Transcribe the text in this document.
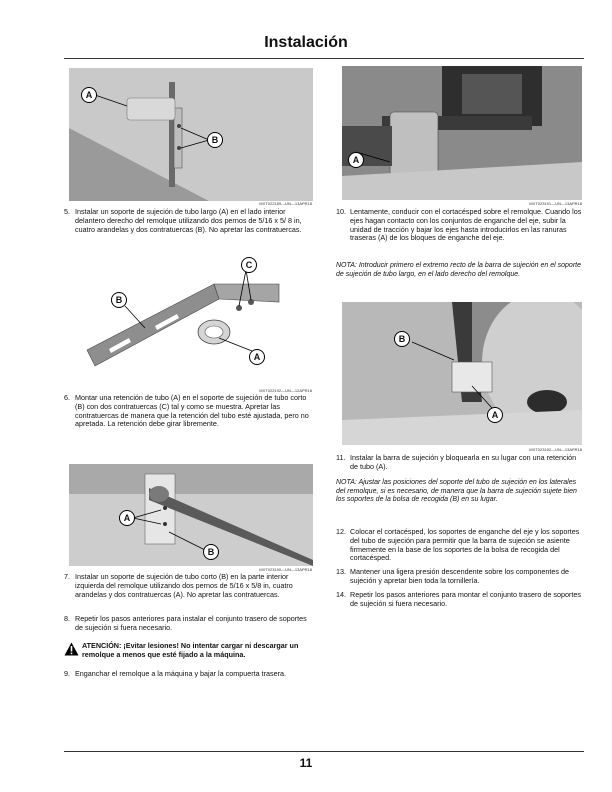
Instalación
A
B
MXT022189—UN—13APR18
5. Instalar un soporte de sujeción de tubo largo (A) en el lado interior delantero derecho del remolque utilizando dos pernos de 5/16 x 5/ 8 in, cuatro arandelas y dos contratuercas (B). No apretar las contratuercas.
C
B
A
MXT022192—UN—12APR18
6. Montar una retención de tubo (A) en el soporte de sujeción de tubo corto (B) con dos contratuercas (C) tal y como se muestra. Apretar las contratuercas de manera que la retención del tubo esté ajustada, pero no apretada. La retención debe girar libremente.
A
B
MXT023190—UN—13APR18
7. Instalar un soporte de sujeción de tubo corto (B) en la parte interior izquierda del remolque utilizando dos pernos de 5/16 x 5/8 in, cuatro arandelas y dos contratuercas (A). No apretar las contratuercas.
8. Repetir los pasos anteriores para instalar el conjunto trasero de soportes de sujeción si fuera necesario.
ATENCIÓN: ¡Evitar lesiones! No intentar cargar ni descargar un remolque a menos que esté fijado a la máquina.
9. Enganchar el remolque a la máquina y bajar la compuerta trasera.
A
MXT023191—UN—13APR18
10. Lentamente, conducir con el cortacésped sobre el remolque. Cuando los ejes hagan contacto con los conjuntos de enganche del eje, subir la unidad de tracción y bajar los ejes hasta introducirlos en las ranuras traseras (A) de los bloques de enganche del eje.
NOTA: Introducir primero el extremo recto de la barra de sujeción en el soporte de sujeción de tubo largo, en el lado derecho del remolque.
B
A
MXT023192—UN—13APR18
11. Instalar la barra de sujeción y bloquearla en su lugar con una retención de tubo (A).
NOTA: Ajustar las posiciones del soporte del tubo de sujeción en los laterales del remolque, si es necesario, de manera que la barra de sujeción sujete bien los soportes de la bolsa de recogida (B) en su lugar.
12. Colocar el cortacésped, los soportes de enganche del eje y los soportes del tubo de sujeción para permitir que la barra de sujeción se asiente firmemente en la base de los soportes de la bolsa de recogida del cortacésped.
13. Mantener una ligera presión descendente sobre los componentes de sujeción y apretar bien toda la tornillería.
14. Repetir los pasos anteriores para montar el conjunto trasero de soportes de sujeción si fuera necesario.
11
